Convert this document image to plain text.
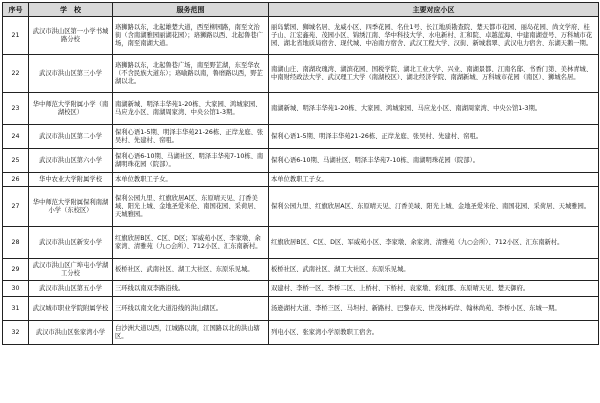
序号	学　校	服务范围	主要对应小区
21	武汉市洪山区第一小学书城路分校	珞狮路以东，北起雄楚大道，西至柳园路，南至文治街（含南湖雅园丽湖花园）；珞狮路以西、北起鲁巷广场，南至南湖大道。	丽岛紫园、狮城名居、龙威小区、四季花园、名仕1号、长江地质勘查院、楚天都市花园、丽岛花园、尚文学府、桂子山、江宏鑫苑、茂园小区、锦绣江南、华中科技大学、水电新村、汇和院、卓越蓝海、中建南湖壹号、万科城市花园、湖北省地质局宿舍、现代城、中冶南方宿舍、武汉工程大学、汉街、新城翡翠、武汉电力宿舍、东湖天鹅一期。

22	武汉市洪山区第三小学	珞狮路以东，北起鲁巷广场，南至野芷湖，东至华农（不含民族大道东）；珞喻路以南，鲁磨路以西，野芷湖以北。	南湖山庄、南湖玫瑰湾、湖滨花园、国税学院、湖北工业大学、兴业、南湖景都、江南名邸、书香门第、美林青城、中南财经政法大学、武汉理工大学（南湖校区）、湖北经济学院、南湖新城、万科城市花园（南区）、狮城名居。

23	华中师范大学附属小学（南湖校区）	南湖新城、明泽丰华苑1-20栋、大家园、鸿城家园、马应龙小区、南湖周家湾、中央公馆1-3期。	南湖新城、明泽丰华苑1-20栋、大家园、鸿城家园、马应龙小区、南湖周家湾、中央公馆1-3期。

24	武汉市洪山区第二小学	保利心语1-5期、明泽丰华苑21-26栋、正岸龙庭、张吴村、先建村、窑咀。	保利心语1-5期、明泽丰华苑21-26栋、正岸龙庭、张吴村、先建村、窑咀。

25	武汉市洪山区第六小学	保利心语6-10期、马湖社区、明泽丰华苑7-10栋、南湖明珠花园（院部）。	保利心语6-10期、马湖社区、明泽丰华苑7-10栋、南湖明珠花园（院部）。

26	华中农业大学附属学校	本单位教职工子女。	本单位教职工子女。

27	华中师范大学附属保利南湖小学（东校区）	保利公园九里、红旗欣居A区、东原晴天见、汀香美域、阳光上城、金地圣爱米伦、南国花园、采荷居、天城雅园。	保利公园九里、红旗欣居A区、东原晴天见、汀香美域、阳光上城、金地圣爱米伦、南国花园、采荷居、天城雅园。

28	武汉市洪山区新安小学	红旗欣居B区、C区、D区；军威苑小区、李家墩、余家湾、清雅苑（九○会所）、712小区、汇东南新村。	红旗欣居B区、C区、D区、军威苑小区、李家墩、余家湾、清雅苑（九○会所）、712小区、汇东南新村。

29	武汉市洪山区广埠屯小学湖工分校	板桥社区、武南社区、湖工大社区、东原乐见城。	板桥社区、武南社区、湖工大社区、东原乐见城。

30	武汉市洪山区第五小学	三环线以南双李路沿线。	双建村、李桥一区、李桥二区、上桥村、下桥村、袁家墩、彩虹郡、东原晴天见、楚天御府。

31	武汉城市职业学院附属学校	三环线以南文化大道沿线的洪山辖区。	汤逊湖村大道、李桥三区、马坦村、新路村、巴黎春天、世茂林屿岸、翰林尚苑、李桥小区、东城一期。

32	武汉市洪山区张家湾小学	白沙洲大道以西，江城路以南，江国路以北的洪山辖区。	列电小区、张家湾小学原教职工宿舍。
